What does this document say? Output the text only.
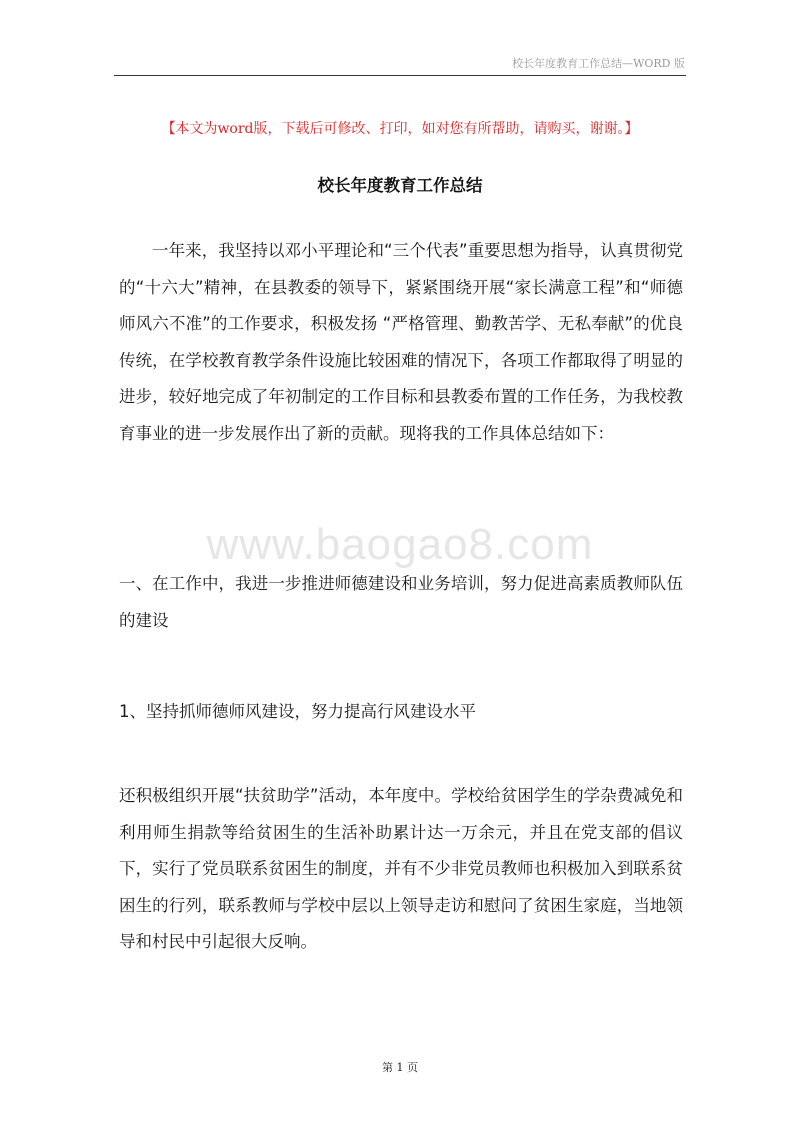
校长年度教育工作总结—WORD 版
【本文为word版，下载后可修改、打印，如对您有所帮助，请购买，谢谢。】
校长年度教育工作总结

一年来，我坚持以邓小平理论和“三个代表”重要思想为指导，认真贯彻党的“十六大”精神，在县教委的领导下，紧紧围绕开展“家长满意工程”和“师德师风六不准”的工作要求，积极发扬 “严格管理、勤教苦学、无私奉献”的优良传统，在学校教育教学条件设施比较困难的情况下，各项工作都取得了明显的进步，较好地完成了年初制定的工作目标和县教委布置的工作任务，为我校教育事业的进一步发展作出了新的贡献。现将我的工作具体总结如下：

www.baogao8.com

一、在工作中，我进一步推进师德建设和业务培训，努力促进高素质教师队伍的建设

1、坚持抓师德师风建设，努力提高行风建设水平

还积极组织开展“扶贫助学”活动，本年度中。学校给贫困学生的学杂费减免和利用师生捐款等给贫困生的生活补助累计达一万余元，并且在党支部的倡议下，实行了党员联系贫困生的制度，并有不少非党员教师也积极加入到联系贫困生的行列，联系教师与学校中层以上领导走访和慰问了贫困生家庭，当地领导和村民中引起很大反响。

第 1 页
